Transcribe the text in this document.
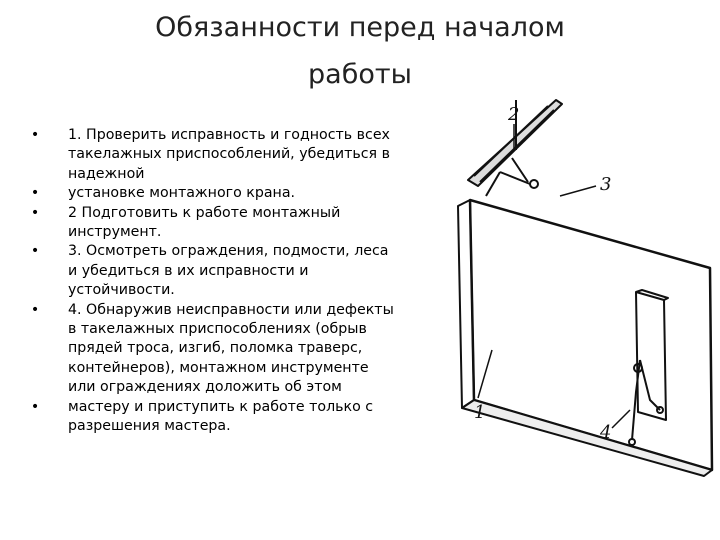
Обязанности перед началом
работы
• 1. Проверить исправность и годность всех
такелажных приспособлений, убедиться в
надежной
• установке монтажного крана.
• 2 Подготовить к работе монтажный
инструмент.
• 3. Осмотреть ограждения, подмости, леса
и убедиться в их исправности и
устойчивости.
• 4. Обнаружив неисправности или дефекты
в такелажных приспособлениях (обрыв
прядей троса, изгиб, поломка траверс,
контейнеров), монтажном инструменте
или ограждениях доложить об этом
• мастеру и приступить к работе только с
разрешения мастера.
2
3
1
4
